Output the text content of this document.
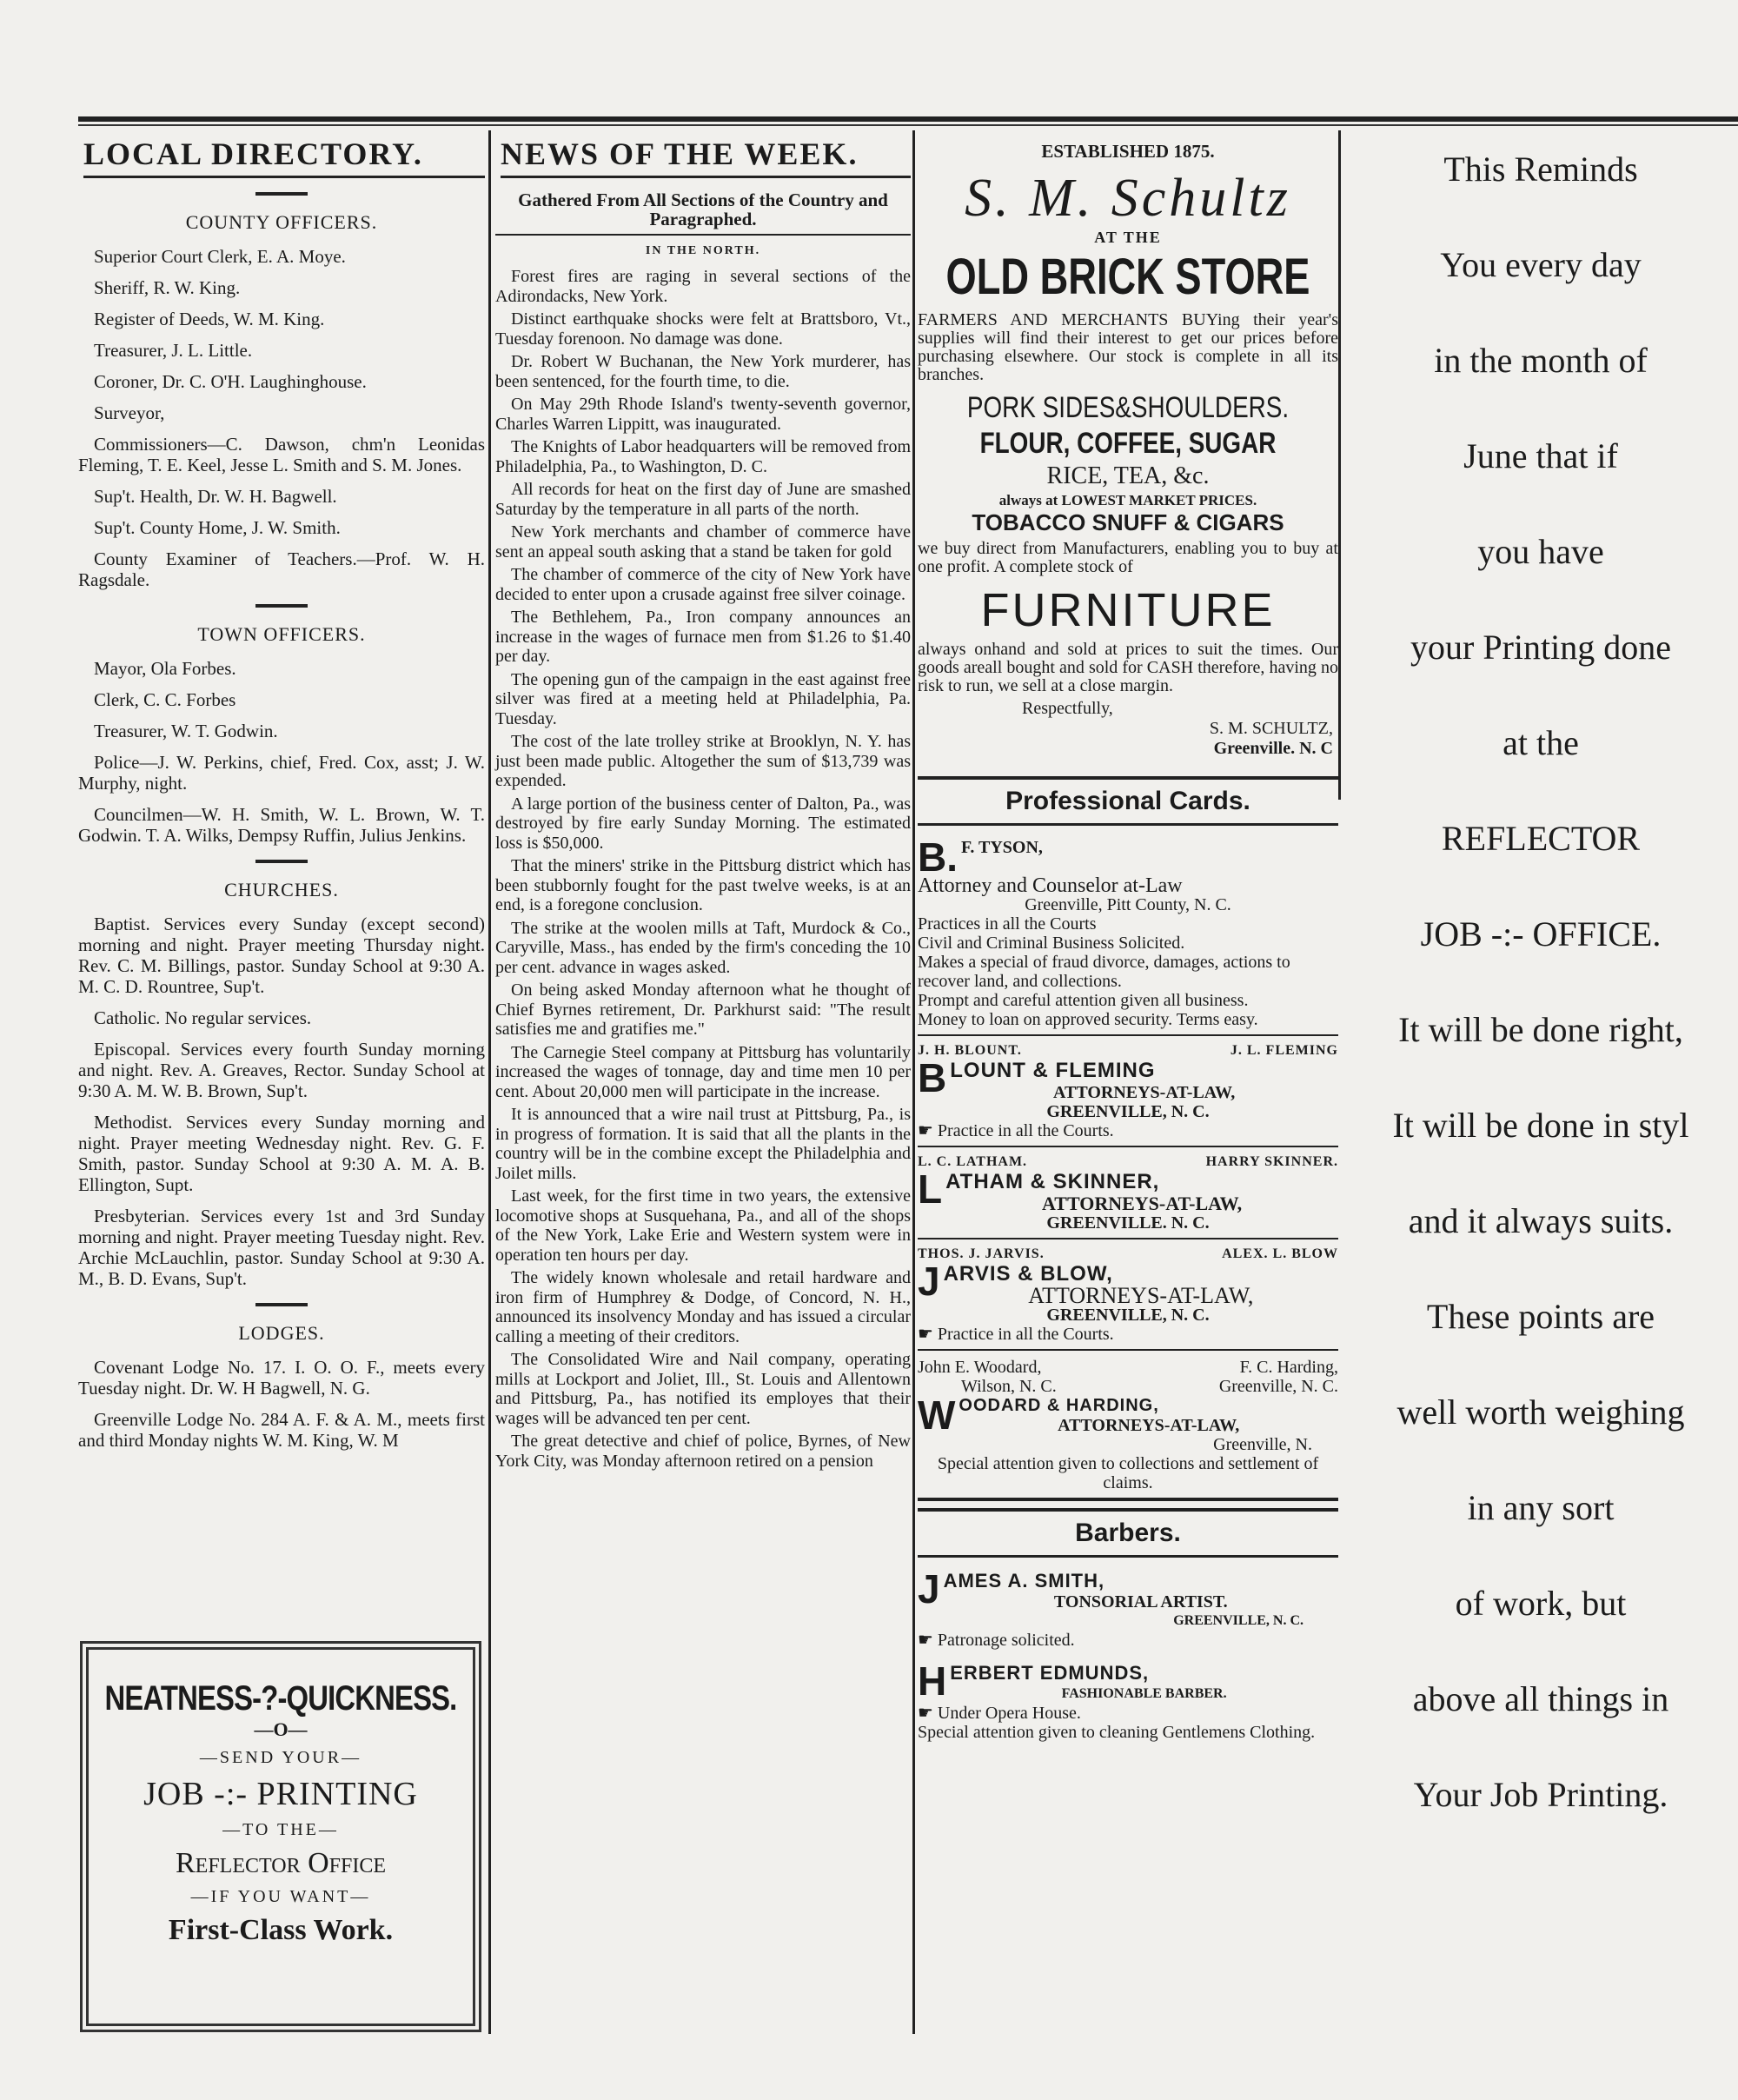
LOCAL DIRECTORY.
COUNTY OFFICERS.
Superior Court Clerk, E. A. Moye.
Sheriff, R. W. King.
Register of Deeds, W. M. King.
Treasurer, J. L. Little.
Coroner, Dr. C. O'H. Laughinghouse.
Surveyor,
Commissioners—C. Dawson, chm'n Leonidas Fleming, T. E. Keel, Jesse L. Smith and S. M. Jones.
Sup't. Health, Dr. W. H. Bagwell.
Sup't. County Home, J. W. Smith.
County Examiner of Teachers.—Prof. W. H. Ragsdale.
TOWN OFFICERS.
Mayor, Ola Forbes.
Clerk, C. C. Forbes
Treasurer, W. T. Godwin.
Police—J. W. Perkins, chief, Fred. Cox, asst; J. W. Murphy, night.
Councilmen—W. H. Smith, W. L. Brown, W. T. Godwin. T. A. Wilks, Dempsy Ruffin, Julius Jenkins.
CHURCHES.
Baptist. Services every Sunday (except second) morning and night. Prayer meeting Thursday night. Rev. C. M. Billings, pastor. Sunday School at 9:30 A. M. C. D. Rountree, Sup't.
Catholic. No regular services.
Episcopal. Services every fourth Sunday morning and night. Rev. A. Greaves, Rector. Sunday School at 9:30 A. M. W. B. Brown, Sup't.
Methodist. Services every Sunday morning and night. Prayer meeting Wednesday night. Rev. G. F. Smith, pastor. Sunday School at 9:30 A. M. A. B. Ellington, Supt.
Presbyterian. Services every 1st and 3rd Sunday morning and night. Prayer meeting Tuesday night. Rev. Archie McLauchlin, pastor. Sunday School at 9:30 A. M., B. D. Evans, Sup't.
LODGES.
Covenant Lodge No. 17. I. O. O. F., meets every Tuesday night. Dr. W. H Bagwell, N. G.
Greenville Lodge No. 284 A. F. & A. M., meets first and third Monday nights W. M. King, W. M
NEATNESS-?-QUICKNESS.
—O—
—SEND YOUR—
JOB -:- PRINTING
—TO THE—
Reflector Office
—IF YOU WANT—
First-Class Work.
NEWS OF THE WEEK.
Gathered From All Sections of the Country and Paragraphed.
IN THE NORTH.
Forest fires are raging in several sections of the Adirondacks, New York.
Distinct earthquake shocks were felt at Brattsboro, Vt., Tuesday forenoon. No damage was done.
Dr. Robert W Buchanan, the New York murderer, has been sentenced, for the fourth time, to die.
On May 29th Rhode Island's twenty-seventh governor, Charles Warren Lippitt, was inaugurated.
The Knights of Labor headquarters will be removed from Philadelphia, Pa., to Washington, D. C.
All records for heat on the first day of June are smashed Saturday by the temperature in all parts of the north.
New York merchants and chamber of commerce have sent an appeal south asking that a stand be taken for gold
The chamber of commerce of the city of New York have decided to enter upon a crusade against free silver coinage.
The Bethlehem, Pa., Iron company announces an increase in the wages of furnace men from $1.26 to $1.40 per day.
The opening gun of the campaign in the east against free silver was fired at a meeting held at Philadelphia, Pa. Tuesday.
The cost of the late trolley strike at Brooklyn, N. Y. has just been made public. Altogether the sum of $13,739 was expended.
A large portion of the business center of Dalton, Pa., was destroyed by fire early Sunday Morning. The estimated loss is $50,000.
That the miners' strike in the Pittsburg district which has been stubbornly fought for the past twelve weeks, is at an end, is a foregone conclusion.
The strike at the woolen mills at Taft, Murdock & Co., Caryville, Mass., has ended by the firm's conceding the 10 per cent. advance in wages asked.
On being asked Monday afternoon what he thought of Chief Byrnes retirement, Dr. Parkhurst said: "The result satisfies me and gratifies me."
The Carnegie Steel company at Pittsburg has voluntarily increased the wages of tonnage, day and time men 10 per cent. About 20,000 men will participate in the increase.
It is announced that a wire nail trust at Pittsburg, Pa., is in progress of formation. It is said that all the plants in the country will be in the combine except the Philadelphia and Joilet mills.
Last week, for the first time in two years, the extensive locomotive shops at Susquehana, Pa., and all of the shops of the New York, Lake Erie and Western system were in operation ten hours per day.
The widely known wholesale and retail hardware and iron firm of Humphrey & Dodge, of Concord, N. H., announced its insolvency Monday and has issued a circular calling a meeting of their creditors.
The Consolidated Wire and Nail company, operating mills at Lockport and Joliet, Ill., St. Louis and Allentown and Pittsburg, Pa., has notified its employes that their wages will be advanced ten per cent.
The great detective and chief of police, Byrnes, of New York City, was Monday afternoon retired on a pension
ESTABLISHED 1875.
S. M. Schultz
AT THE
OLD BRICK STORE
FARMERS AND MERCHANTS BUYing their year's supplies will find their interest to get our prices before purchasing elsewhere. Our stock is complete in all its branches.
PORK SIDES&SHOULDERS.
FLOUR, COFFEE, SUGAR
RICE, TEA, &c.
always at LOWEST MARKET PRICES.
TOBACCO SNUFF & CIGARS
we buy direct from Manufacturers, enabling you to buy at one profit. A complete stock of
FURNITURE
always onhand and sold at prices to suit the times. Our goods areall bought and sold for CASH therefore, having no risk to run, we sell at a close margin.
Respectfully,
S. M. SCHULTZ,
Greenville. N. C
Professional Cards.
B. F. TYSON,
Attorney and Counselor at-Law
Greenville, Pitt County, N. C.
Practices in all the Courts
Civil and Criminal Business Solicited.
Makes a special of fraud divorce, damages, actions to recover land, and collections.
Prompt and careful attention given all business.
Money to loan on approved security. Terms easy.
J. H. BLOUNT.	J. L. FLEMING
BLOUNT & FLEMING
ATTORNEYS-AT-LAW,
GREENVILLE, N. C.
☛ Practice in all the Courts.
L. C. LATHAM.	HARRY SKINNER.
LATHAM & SKINNER,
ATTORNEYS-AT-LAW,
GREENVILLE. N. C.
THOS. J. JARVIS.	ALEX. L. BLOW
JARVIS & BLOW,
ATTORNEYS-AT-LAW,
GREENVILLE, N. C.
☛ Practice in all the Courts.
John E. Woodard,	F. C. Harding,
Wilson, N. C.	Greenville, N. C.
WOODARD & HARDING,
ATTORNEYS-AT-LAW,
Greenville, N.
Special attention given to collections and settlement of claims.
Barbers.
JAMES A. SMITH,
TONSORIAL ARTIST.
GREENVILLE, N. C.
☛ Patronage solicited.
HERBERT EDMUNDS,
FASHIONABLE BARBER.
☛ Under Opera House.
Special attention given to cleaning Gentlemens Clothing.
This Reminds
You every day
in the month of
June that if
you have
your Printing done
at the
REFLECTOR
JOB -:- OFFICE.
It will be done right,
It will be done in styl
and it always suits.
These points are
well worth weighing
in any sort
of work, but
above all things in
Your Job Printing.
